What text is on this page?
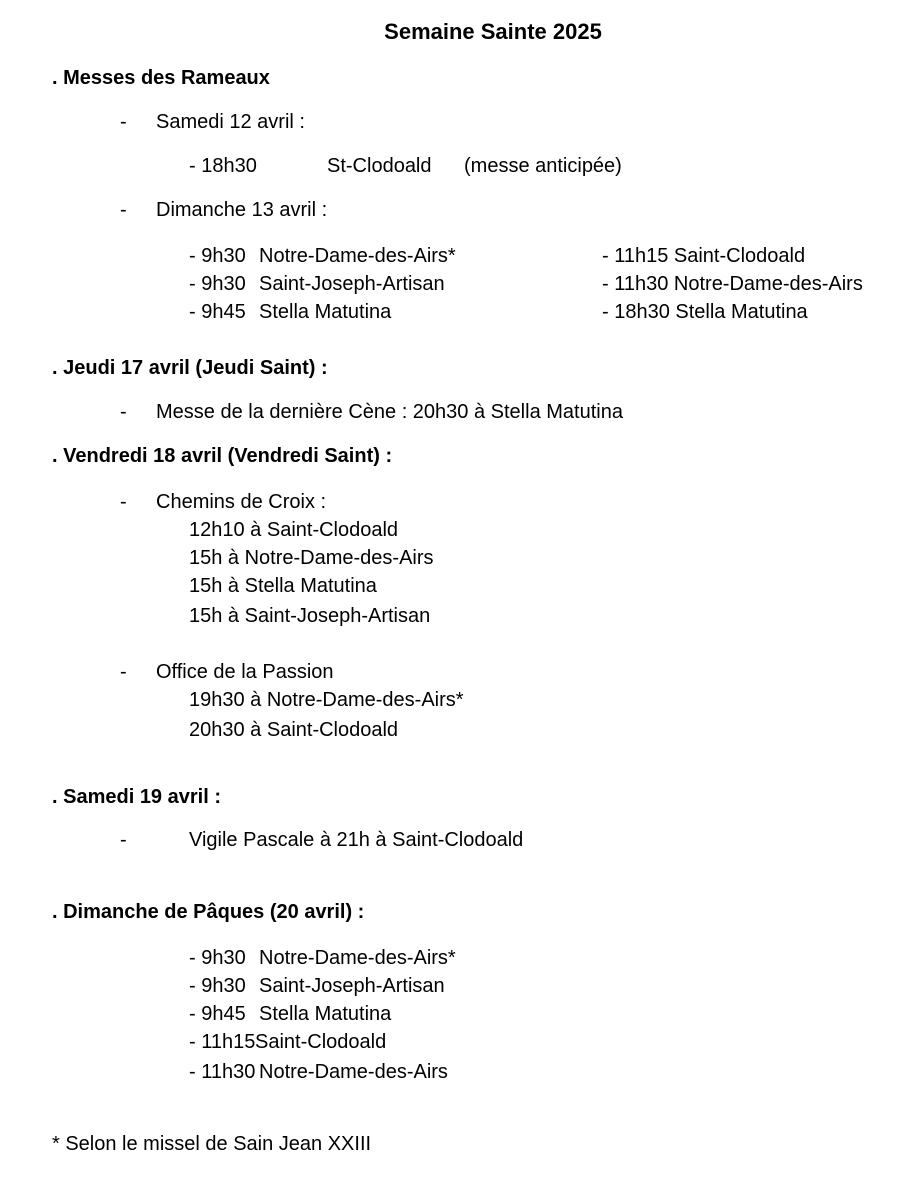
Semaine Sainte 2025
. Messes des Rameaux
- Samedi 12 avril :
- 18h30	St-Clodoald (messe anticipée)
- Dimanche 13 avril :
- 9h30 Notre-Dame-des-Airs*
- 9h30 Saint-Joseph-Artisan
- 9h45 Stella Matutina
- 11h15 Saint-Clodoald
- 11h30 Notre-Dame-des-Airs
- 18h30 Stella Matutina
. Jeudi 17 avril (Jeudi Saint) :
- Messe de la dernière Cène : 20h30 à Stella Matutina
. Vendredi 18 avril (Vendredi Saint) :
- Chemins de Croix :
12h10 à Saint-Clodoald
15h à Notre-Dame-des-Airs
15h à Stella Matutina
15h à Saint-Joseph-Artisan
- Office de la Passion
19h30 à Notre-Dame-des-Airs*
20h30 à Saint-Clodoald
. Samedi 19 avril :
-	Vigile Pascale à 21h à Saint-Clodoald
. Dimanche de Pâques (20 avril) :
- 9h30 Notre-Dame-des-Airs*
- 9h30 Saint-Joseph-Artisan
- 9h45 Stella Matutina
- 11h15 Saint-Clodoald
- 11h30 Notre-Dame-des-Airs
* Selon le missel de Sain Jean XXIII
